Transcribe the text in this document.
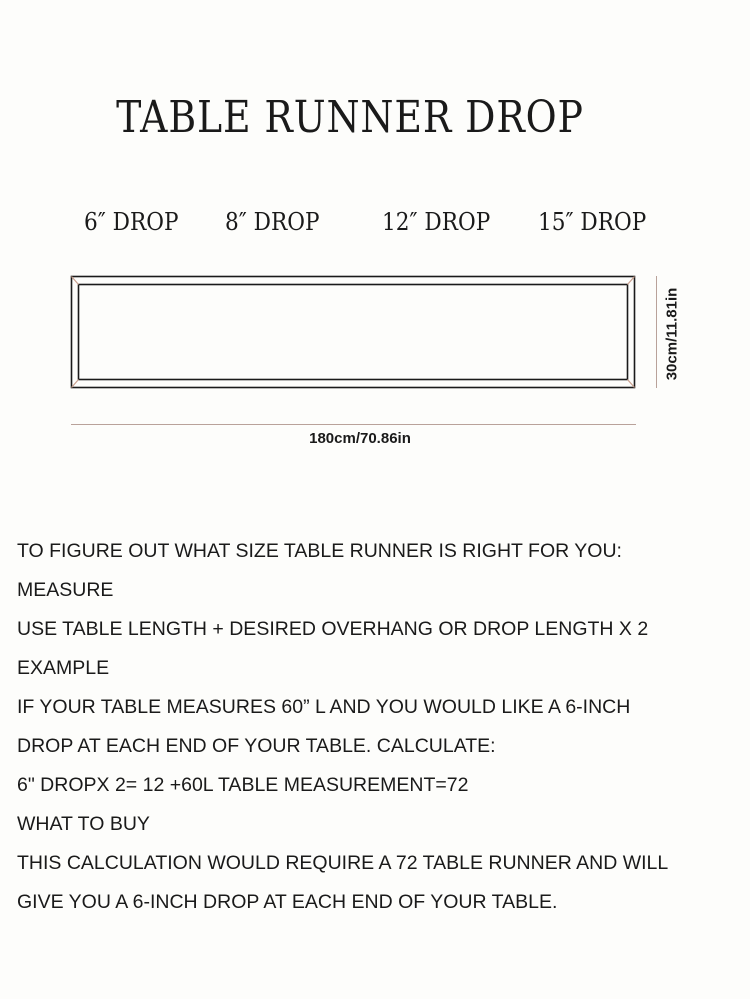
TABLE RUNNER DROP
6″ DROP 8″ DROP	12″ DROP 15″ DROP
180cm/70.86in
30cm/11.81in
TO FIGURE OUT WHAT SIZE TABLE RUNNER IS RIGHT FOR YOU:
MEASURE
USE TABLE LENGTH + DESIRED OVERHANG OR DROP LENGTH X 2
EXAMPLE
IF YOUR TABLE MEASURES 60” L AND YOU WOULD LIKE A 6-INCH
DROP AT EACH END OF YOUR TABLE. CALCULATE:
6" DROPX 2= 12 +60L TABLE MEASUREMENT=72
WHAT TO BUY
THIS CALCULATION WOULD REQUIRE A 72 TABLE RUNNER AND WILL
GIVE YOU A 6-INCH DROP AT EACH END OF YOUR TABLE.
